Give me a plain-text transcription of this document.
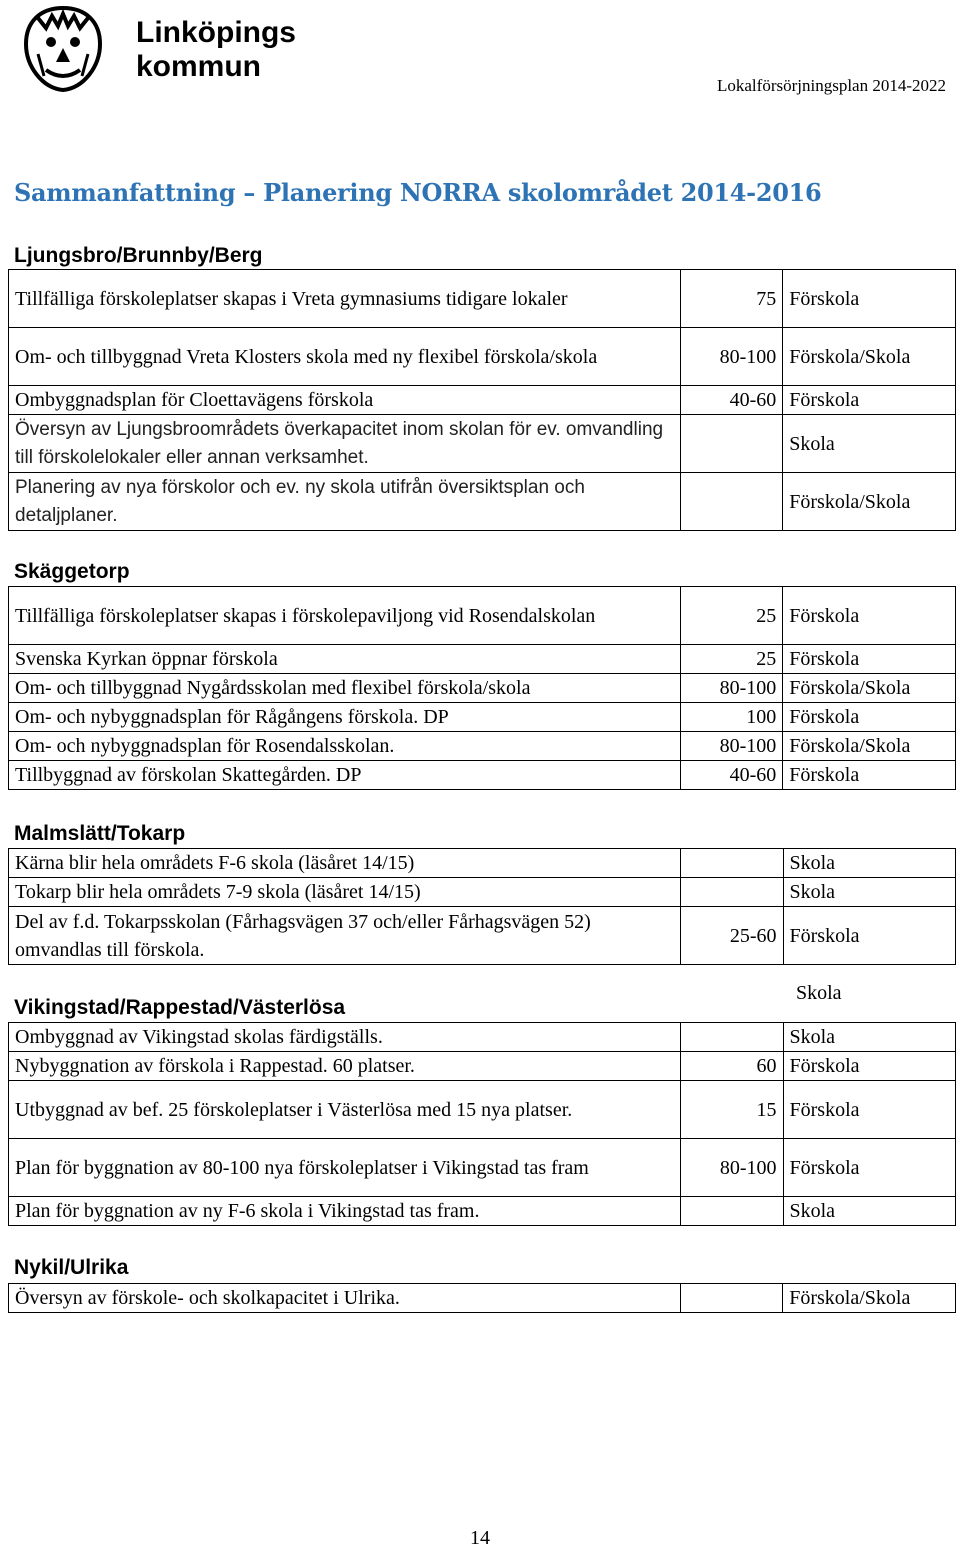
Linköpings
kommun
Lokalförsörjningsplan 2014-2022
Sammanfattning – Planering NORRA skolområdet 2014-2016
Ljungsbro/Brunnby/Berg
Tillfälliga förskoleplatser skapas i Vreta gymnasiums tidigare lokaler	75	Förskola
Om- och tillbyggnad Vreta Klosters skola med ny flexibel förskola/skola	80-100	Förskola/Skola
Ombyggnadsplan för Cloettavägens förskola	40-60	Förskola
Översyn av Ljungsbroområdets överkapacitet inom skolan för ev. omvandling till förskolelokaler eller annan verksamhet.		Skola
Planering av nya förskolor och ev. ny skola utifrån översiktsplan och detaljplaner.		Förskola/Skola
Skäggetorp
Tillfälliga förskoleplatser skapas i förskolepaviljong vid Rosendalskolan	25	Förskola
Svenska Kyrkan öppnar förskola	25	Förskola
Om- och tillbyggnad Nygårdsskolan med flexibel förskola/skola	80-100	Förskola/Skola
Om- och nybyggnadsplan för Rågångens förskola. DP	100	Förskola
Om- och nybyggnadsplan för Rosendalsskolan.	80-100	Förskola/Skola
Tillbyggnad av förskolan Skattegården. DP	40-60	Förskola
Malmslätt/Tokarp
Kärna blir hela områdets F-6 skola (läsåret 14/15)		Skola
Tokarp blir hela områdets 7-9 skola (läsåret 14/15)		Skola
Del av f.d. Tokarpsskolan (Fårhagsvägen 37 och/eller Fårhagsvägen 52) omvandlas till förskola.	25-60	Förskola
Skola
Vikingstad/Rappestad/Västerlösa
Ombyggnad av Vikingstad skolas färdigställs.		Skola
Nybyggnation av förskola i Rappestad. 60 platser.	60	Förskola
Utbyggnad av bef. 25 förskoleplatser i Västerlösa med 15 nya platser.	15	Förskola
Plan för byggnation av 80-100 nya förskoleplatser i Vikingstad tas fram	80-100	Förskola
Plan för byggnation av ny F-6 skola i Vikingstad tas fram.		Skola
Nykil/Ulrika
Översyn av förskole- och skolkapacitet i Ulrika.		Förskola/Skola
14
